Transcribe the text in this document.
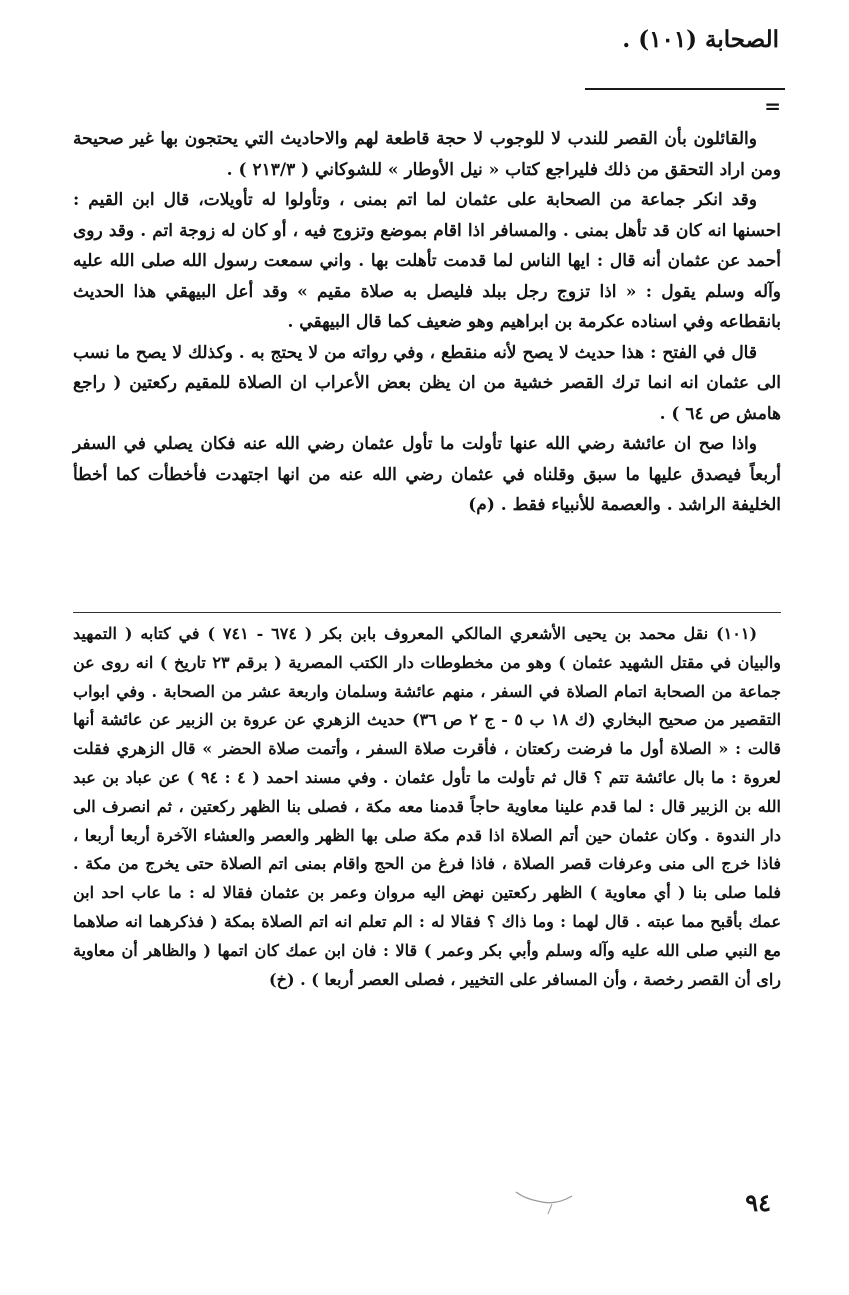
الصحابة (١٠١) .
=

والقائلون بأن القصر للندب لا للوجوب لا حجة قاطعة لهم والاحاديث التي يحتجون بها غير صحيحة ومن اراد التحقق من ذلك فليراجع كتاب « نيل الأوطار » للشوكاني ( ٢١٣/٣ ) .

وقد انكر جماعة من الصحابة على عثمان لما اتم بمنى ، وتأولوا له تأويلات، قال ابن القيم : احسنها انه كان قد تأهل بمنى . والمسافر اذا اقام بموضع وتزوج فيه ، أو كان له زوجة اتم . وقد روى أحمد عن عثمان أنه قال : ايها الناس لما قدمت تأهلت بها . واني سمعت رسول الله صلى الله عليه وآله وسلم يقول : « اذا تزوج رجل ببلد فليصل به صلاة مقيم » وقد أعل البيهقي هذا الحديث بانقطاعه وفي اسناده عكرمة بن ابراهيم وهو ضعيف كما قال البيهقي .

قال في الفتح : هذا حديث لا يصح لأنه منقطع ، وفي رواته من لا يحتج به . وكذلك لا يصح ما نسب الى عثمان انه انما ترك القصر خشية من ان يظن بعض الأعراب ان الصلاة للمقيم ركعتين ( راجع هامش ص ٦٤ ) .

واذا صح ان عائشة رضي الله عنها تأولت ما تأول عثمان رضي الله عنه فكان يصلي في السفر أربعاً فيصدق عليها ما سبق وقلناه في عثمان رضي الله عنه من انها اجتهدت فأخطأت كما أخطأ الخليفة الراشد . والعصمة للأنبياء فقط . (م)

(١٠١) نقل محمد بن يحيى الأشعري المالكي المعروف بابن بكر ( ٦٧٤ - ٧٤١ ) في كتابه ( التمهيد والبيان في مقتل الشهيد عثمان ) وهو من مخطوطات دار الكتب المصرية ( برقم ٢٣ تاريخ ) انه روى عن جماعة من الصحابة اتمام الصلاة في السفر ، منهم عائشة وسلمان واربعة عشر من الصحابة . وفي ابواب التقصير من صحيح البخاري (ك ١٨ ب ٥ - ج ٢ ص ٣٦) حديث الزهري عن عروة بن الزبير عن عائشة أنها قالت : « الصلاة أول ما فرضت ركعتان ، فأقرت صلاة السفر ، وأتمت صلاة الحضر » قال الزهري فقلت لعروة : ما بال عائشة تتم ؟ قال ثم تأولت ما تأول عثمان . وفي مسند احمد ( ٤ : ٩٤ ) عن عباد بن عبد الله بن الزبير قال : لما قدم علينا معاوية حاجاً قدمنا معه مكة ، فصلى بنا الظهر ركعتين ، ثم انصرف الى دار الندوة . وكان عثمان حين أتم الصلاة اذا قدم مكة صلى بها الظهر والعصر والعشاء الآخرة أربعا أربعا ، فاذا خرج الى منى وعرفات قصر الصلاة ، فاذا فرغ من الحج واقام بمنى اتم الصلاة حتى يخرج من مكة . فلما صلى بنا ( أي معاوية ) الظهر ركعتين نهض اليه مروان وعمر بن عثمان فقالا له : ما عاب احد ابن عمك بأقبح مما عبته . قال لهما : وما ذاك ؟ فقالا له : الم تعلم انه اتم الصلاة بمكة ( فذكرهما انه صلاهما مع النبي صلى الله عليه وآله وسلم وأبي بكر وعمر ) قالا : فان ابن عمك كان اتمها ( والظاهر أن معاوية راى أن القصر رخصة ، وأن المسافر على التخيير ، فصلى العصر أربعا ) . (خ)

٩٤
